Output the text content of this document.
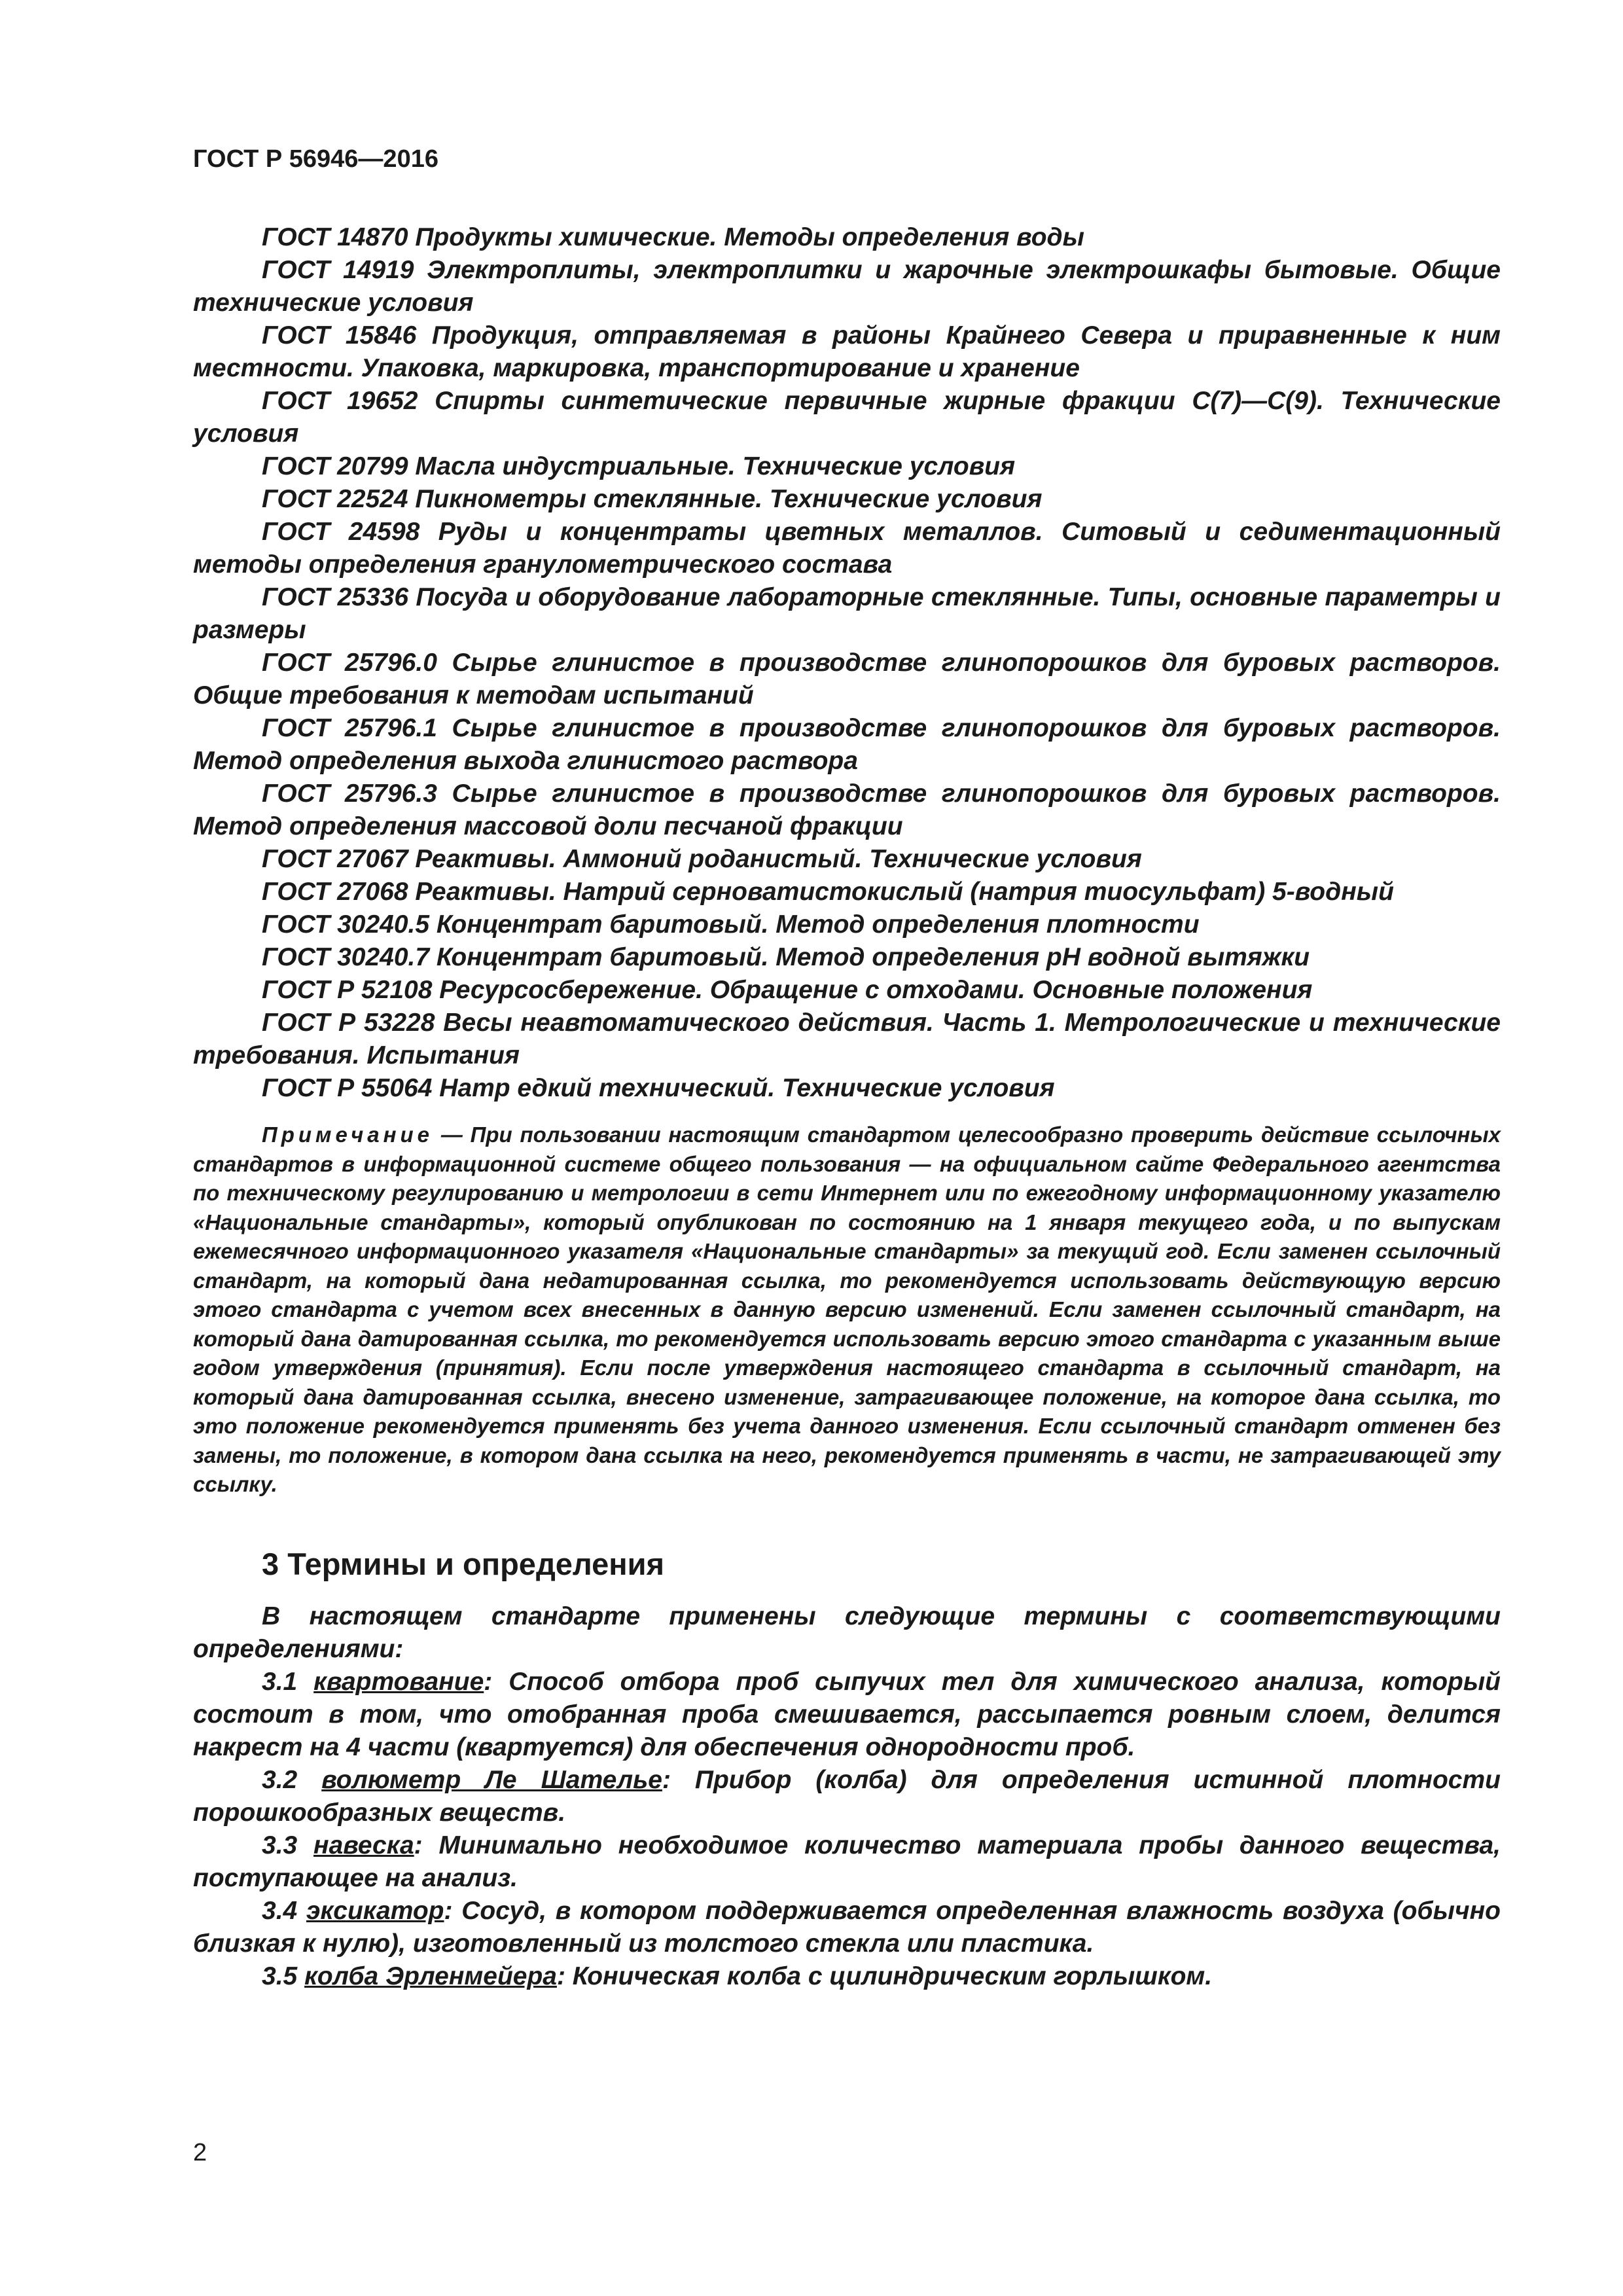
ГОСТ Р 56946—2016

ГОСТ 14870 Продукты химические. Методы определения воды

ГОСТ 14919 Электроплиты, электроплитки и жарочные электрошкафы бытовые. Общие технические условия

ГОСТ 15846 Продукция, отправляемая в районы Крайнего Севера и приравненные к ним местности. Упаковка, маркировка, транспортирование и хранение

ГОСТ 19652 Спирты синтетические первичные жирные фракции С(7)—С(9). Технические условия

ГОСТ 20799 Масла индустриальные. Технические условия

ГОСТ 22524 Пикнометры стеклянные. Технические условия

ГОСТ 24598 Руды и концентраты цветных металлов. Ситовый и седиментационный методы определения гранулометрического состава

ГОСТ 25336 Посуда и оборудование лабораторные стеклянные. Типы, основные параметры и размеры

ГОСТ 25796.0 Сырье глинистое в производстве глинопорошков для буровых растворов. Общие требования к методам испытаний

ГОСТ 25796.1 Сырье глинистое в производстве глинопорошков для буровых растворов. Метод определения выхода глинистого раствора

ГОСТ 25796.3 Сырье глинистое в производстве глинопорошков для буровых растворов. Метод определения массовой доли песчаной фракции

ГОСТ 27067 Реактивы. Аммоний роданистый. Технические условия

ГОСТ 27068 Реактивы. Натрий серноватистокислый (натрия тиосульфат) 5-водный

ГОСТ 30240.5 Концентрат баритовый. Метод определения плотности

ГОСТ 30240.7 Концентрат баритовый. Метод определения рН водной вытяжки

ГОСТ Р 52108 Ресурсосбережение. Обращение с отходами. Основные положения

ГОСТ Р 53228 Весы неавтоматического действия. Часть 1. Метрологические и технические требования. Испытания

ГОСТ Р 55064 Натр едкий технический. Технические условия

Примечание — При пользовании настоящим стандартом целесообразно проверить действие ссылочных стандартов в информационной системе общего пользования — на официальном сайте Федерального агентства по техническому регулированию и метрологии в сети Интернет или по ежегодному информационному указателю «Национальные стандарты», который опубликован по состоянию на 1 января текущего года, и по выпускам ежемесячного информационного указателя «Национальные стандарты» за текущий год. Если заменен ссылочный стандарт, на который дана недатированная ссылка, то рекомендуется использовать действующую версию этого стандарта с учетом всех внесенных в данную версию изменений. Если заменен ссылочный стандарт, на который дана датированная ссылка, то рекомендуется использовать версию этого стандарта с указанным выше годом утверждения (принятия). Если после утверждения настоящего стандарта в ссылочный стандарт, на который дана датированная ссылка, внесено изменение, затрагивающее положение, на которое дана ссылка, то это положение рекомендуется применять без учета данного изменения. Если ссылочный стандарт отменен без замены, то положение, в котором дана ссылка на него, рекомендуется применять в части, не затрагивающей эту ссылку.

3 Термины и определения

В настоящем стандарте применены следующие термины с соответствующими определениями:

3.1 квартование: Способ отбора проб сыпучих тел для химического анализа, который состоит в том, что отобранная проба смешивается, рассыпается ровным слоем, делится накрест на 4 части (квартуется) для обеспечения однородности проб.

3.2 волюметр Ле Шателье: Прибор (колба) для определения истинной плотности порошкообразных веществ.

3.3 навеска: Минимально необходимое количество материала пробы данного вещества, поступающее на анализ.

3.4 эксикатор: Сосуд, в котором поддерживается определенная влажность воздуха (обычно близкая к нулю), изготовленный из толстого стекла или пластика.

3.5 колба Эрленмейера: Коническая колба с цилиндрическим горлышком.

2
